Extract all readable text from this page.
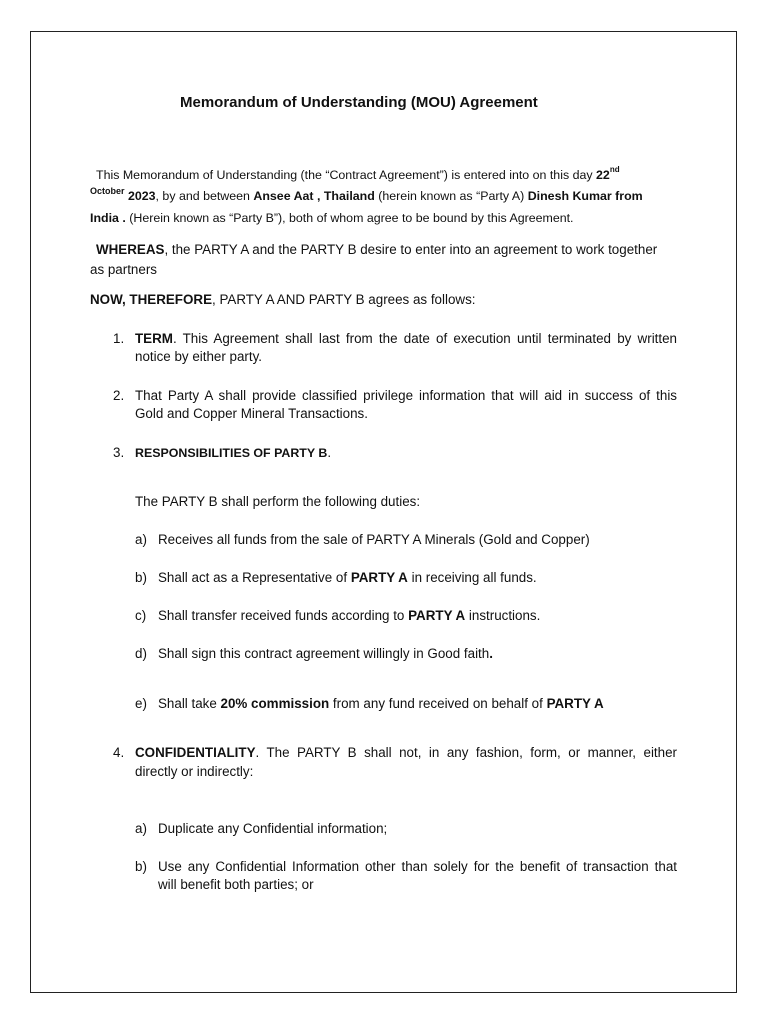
Memorandum of Understanding (MOU) Agreement
This Memorandum of Understanding (the “Contract Agreement”) is entered into on this day 22nd
$^{October}$ 2023, by and between Ansee Aat , Thailand (herein known as “Party A) Dinesh Kumar from
India . (Herein known as “Party B”), both of whom agree to be bound by this Agreement.
WHEREAS, the PARTY A and the PARTY B desire to enter into an agreement to work together
as partners
NOW, THEREFORE, PARTY A AND PARTY B agrees as follows:
1. TERM. This Agreement shall last from the date of execution until terminated by written
notice by either party.
2. That Party A shall provide classified privilege information that will aid in success of this
Gold and Copper Mineral Transactions.
3. RESPONSIBILITIES OF PARTY B.
The PARTY B shall perform the following duties:
a) Receives all funds from the sale of PARTY A Minerals (Gold and Copper)
b) Shall act as a Representative of PARTY A in receiving all funds.
c) Shall transfer received funds according to PARTY A instructions.
d) Shall sign this contract agreement willingly in Good faith.
e) Shall take 20% commission from any fund received on behalf of PARTY A
4. CONFIDENTIALITY. The PARTY B shall not, in any fashion, form, or manner, either
directly or indirectly:
a) Duplicate any Confidential information;
b) Use any Confidential Information other than solely for the benefit of transaction that
will benefit both parties; or
